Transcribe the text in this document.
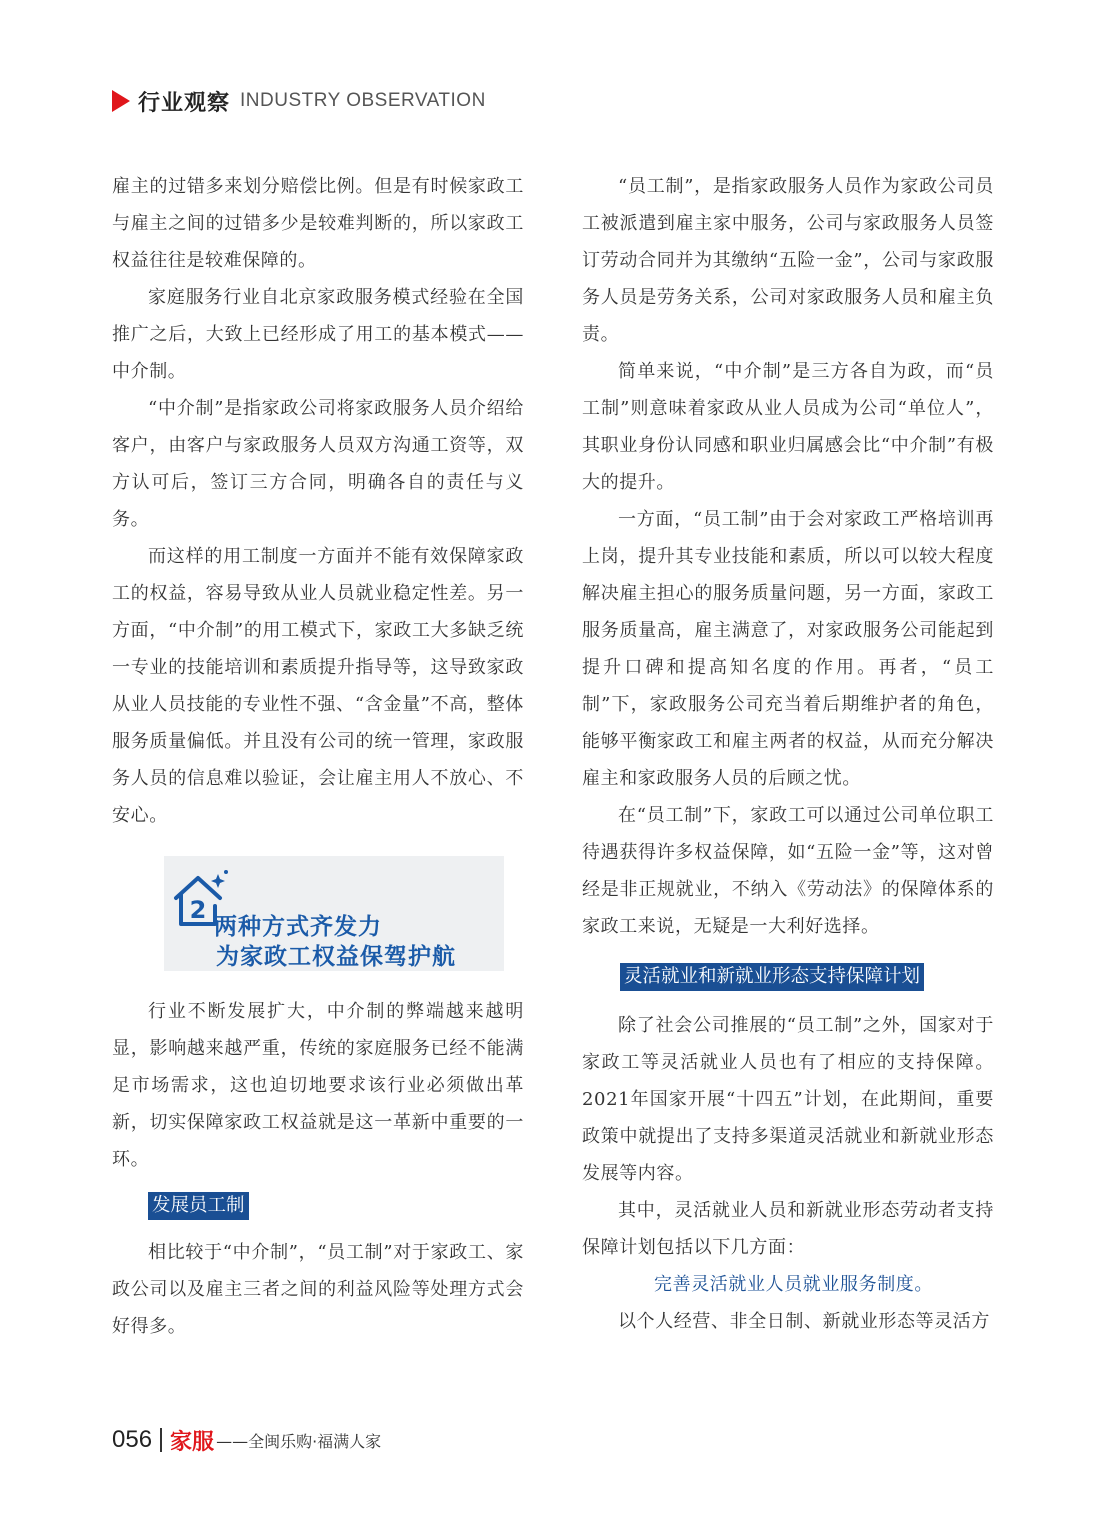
行业观察 INDUSTRY OBSERVATION

雇主的过错多来划分赔偿比例。但是有时候家政工与雇主之间的过错多少是较难判断的，所以家政工权益往往是较难保障的。

家庭服务行业自北京家政服务模式经验在全国推广之后，大致上已经形成了用工的基本模式——中介制。

“中介制”是指家政公司将家政服务人员介绍给客户，由客户与家政服务人员双方沟通工资等，双方认可后，签订三方合同，明确各自的责任与义务。

而这样的用工制度一方面并不能有效保障家政工的权益，容易导致从业人员就业稳定性差。另一方面，“中介制”的用工模式下，家政工大多缺乏统一专业的技能培训和素质提升指导等，这导致家政从业人员技能的专业性不强、“含金量”不高，整体服务质量偏低。并且没有公司的统一管理，家政服务人员的信息难以验证，会让雇主用人不放心、不安心。

2
两种方式齐发力
为家政工权益保驾护航

行业不断发展扩大，中介制的弊端越来越明显，影响越来越严重，传统的家庭服务已经不能满足市场需求，这也迫切地要求该行业必须做出革新，切实保障家政工权益就是这一革新中重要的一环。

发展员工制

相比较于“中介制”，“员工制”对于家政工、家政公司以及雇主三者之间的利益风险等处理方式会好得多。

“员工制”，是指家政服务人员作为家政公司员工被派遣到雇主家中服务，公司与家政服务人员签订劳动合同并为其缴纳“五险一金”，公司与家政服务人员是劳务关系，公司对家政服务人员和雇主负责。

简单来说，“中介制”是三方各自为政，而“员工制”则意味着家政从业人员成为公司“单位人”，其职业身份认同感和职业归属感会比“中介制”有极大的提升。

一方面，“员工制”由于会对家政工严格培训再上岗，提升其专业技能和素质，所以可以较大程度解决雇主担心的服务质量问题，另一方面，家政工服务质量高，雇主满意了，对家政服务公司能起到提升口碑和提高知名度的作用。再者，“员工制”下，家政服务公司充当着后期维护者的角色，能够平衡家政工和雇主两者的权益，从而充分解决雇主和家政服务人员的后顾之忧。

在“员工制”下，家政工可以通过公司单位职工待遇获得许多权益保障，如“五险一金”等，这对曾经是非正规就业，不纳入《劳动法》的保障体系的家政工来说，无疑是一大利好选择。

灵活就业和新就业形态支持保障计划

除了社会公司推展的“员工制”之外，国家对于家政工等灵活就业人员也有了相应的支持保障。2021年国家开展“十四五”计划，在此期间，重要政策中就提出了支持多渠道灵活就业和新就业形态发展等内容。

其中，灵活就业人员和新就业形态劳动者支持保障计划包括以下几方面：

完善灵活就业人员就业服务制度。

以个人经营、非全日制、新就业形态等灵活方

056 家服 ——全闽乐购·福满人家
